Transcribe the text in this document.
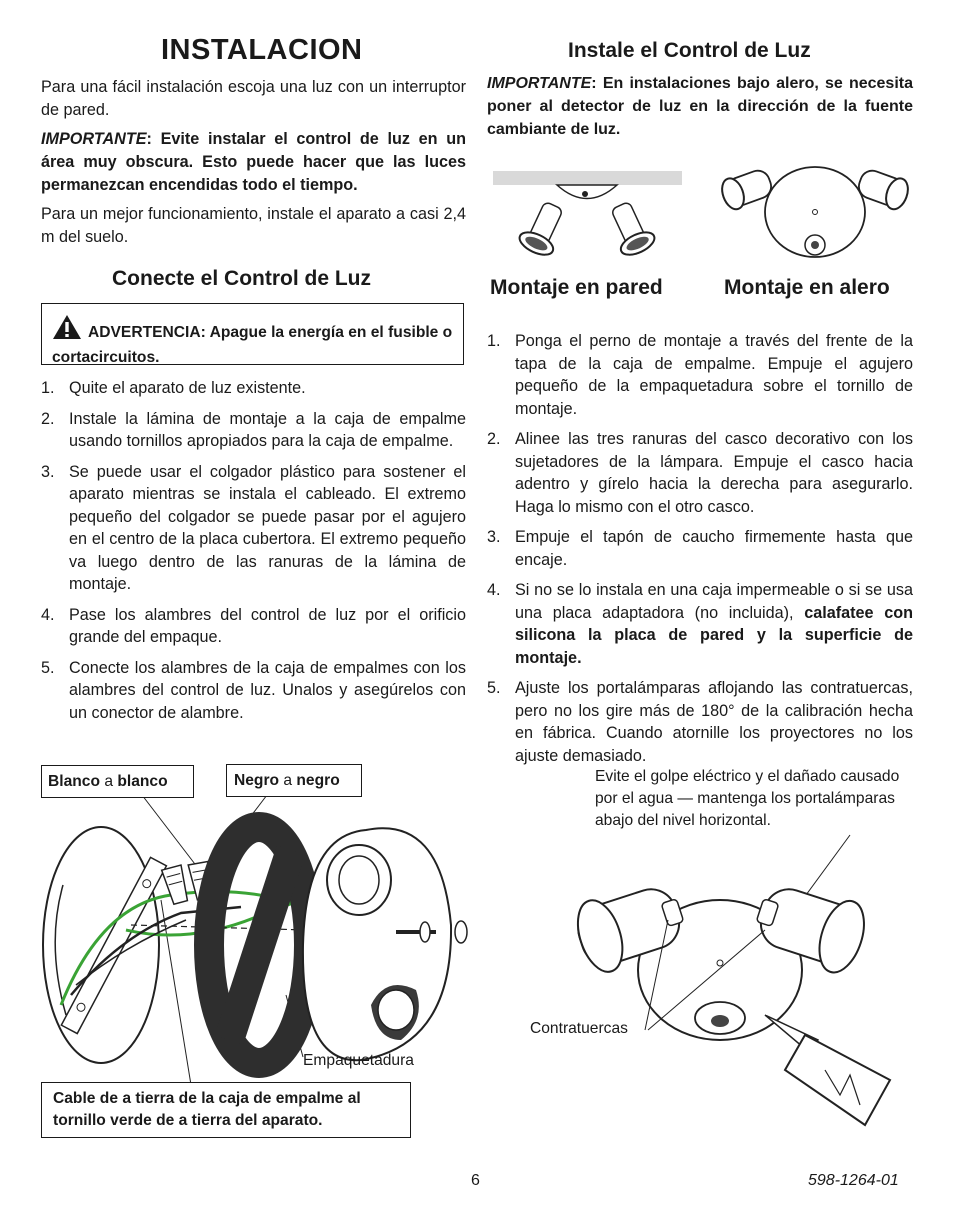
INSTALACION

Para una fácil instalación escoja una luz con un interruptor de pared.

IMPORTANTE: Evite instalar el control de luz en un área muy obscura. Esto puede hacer que las luces permanezcan encendidas todo el tiempo.

Para un mejor funcionamiento, instale el aparato a casi 2,4 m del suelo.

Conecte el Control de Luz
ADVERTENCIA: Apague la energía en el fusible o cortacircuitos.
1. Quite el aparato de luz existente.
2. Instale la lámina de montaje a la caja de empalme usando tornillos apropiados para la caja de empalme.
3. Se puede usar el colgador plástico para sostener el aparato mientras se instala el cableado. El extremo pequeño del colgador se puede pasar por el agujero en el centro de la placa cubertora. El extremo pequeño va luego dentro de las ranuras de la lámina de montaje.
4. Pase los alambres del control de luz por el orificio grande del empaque.
5. Conecte los alambres de la caja de empalmes con los alambres del control de luz. Unalos y asegúrelos con un conector de alambre.
Instale el Control de Luz

IMPORTANTE: En instalaciones bajo alero, se necesita poner al detector de luz en la dirección de la fuente cambiante de luz.

Montaje en pared	Montaje en alero
1. Ponga el perno de montaje a través del frente de la tapa de la caja de empalme. Empuje el agujero pequeño de la empaquetadura sobre el tornillo de montaje.
2. Alinee las tres ranuras del casco decorativo con los sujetadores de la lámpara. Empuje el casco hacia adentro y gírelo hacia la derecha para asegurarlo. Haga lo mismo con el otro casco.
3. Empuje el tapón de caucho firmemente hasta que encaje.
4. Si no se lo instala en una caja impermeable o si se usa una placa adaptadora (no incluida), calafatee con silicona la placa de pared y la superficie de montaje.
5. Ajuste los portalámparas aflojando las contratuercas, pero no los gire más de 180° de la calibración hecha en fábrica. Cuando atornille los proyectores no los ajuste demasiado.
Blanco a blanco	Negro a negro
Empaquetadura
Cable de a tierra de la caja de empalme al tornillo verde de a tierra del aparato.
Evite el golpe eléctrico y el dañado causado por el agua — mantenga los portalámparas abajo del nivel horizontal.
Contratuercas
6	598-1264-01
